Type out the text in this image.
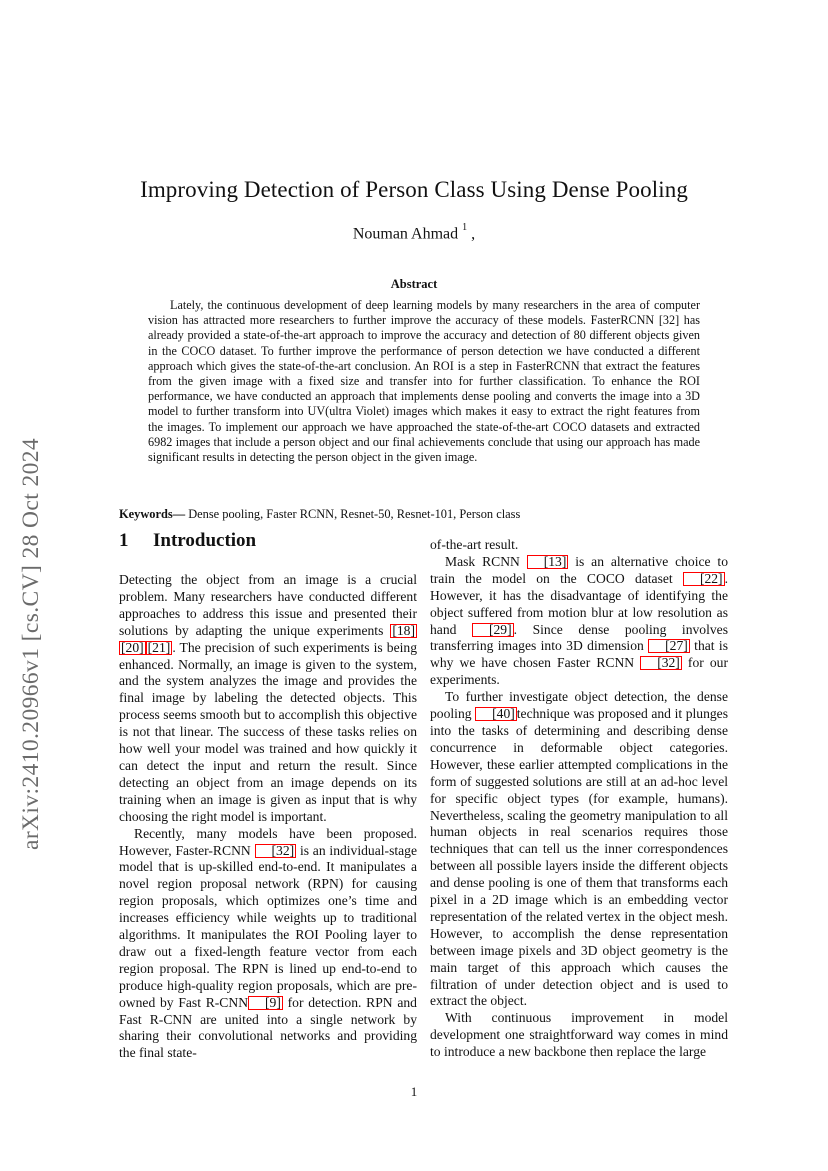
arXiv:2410.20966v1 [cs.CV] 28 Oct 2024
Improving Detection of Person Class Using Dense Pooling
Nouman Ahmad $^1$ ,
Abstract
Lately, the continuous development of deep learning models by many researchers in the area of computer vision has attracted more researchers to further improve the accuracy of these models. FasterRCNN [32] has already provided a state-of-the-art approach to improve the accuracy and detection of 80 different objects given in the COCO dataset. To further improve the performance of person detection we have conducted a different approach which gives the state-of-the-art conclusion. An ROI is a step in FasterRCNN that extract the features from the given image with a fixed size and transfer into for further classification. To enhance the ROI performance, we have conducted an approach that implements dense pooling and converts the image into a 3D model to further transform into UV(ultra Violet) images which makes it easy to extract the right features from the images. To implement our approach we have approached the state-of-the-art COCO datasets and extracted 6982 images that include a person object and our final achievements conclude that using our approach has made significant results in detecting the person object in the given image.
Keywords— Dense pooling, Faster RCNN, Resnet-50, Resnet-101, Person class
1 Introduction

Detecting the object from an image is a crucial problem. Many researchers have conducted different approaches to address this issue and presented their solutions by adapting the unique experiments [18][20] [21] . The precision of such experiments is being enhanced. Normally, an image is given to the system, and the system analyzes the image and provides the final image by labeling the detected objects. This process seems smooth but to accomplish this objective is not that linear. The success of these tasks relies on how well your model was trained and how quickly it can detect the input and return the result. Since detecting an object from an image depends on its training when an image is given as input that is why choosing the right model is important.

Recently, many models have been proposed. However, Faster-RCNN [32] is an individual-stage model that is up-skilled end-to-end. It manipulates a novel region proposal network (RPN) for causing region proposals, which optimizes one’s time and increases efficiency while weights up to traditional algorithms. It manipulates the ROI Pooling layer to draw out a fixed-length feature vector from each region proposal. The RPN is lined up end-to-end to produce high-quality region proposals, which are pre-owned by Fast R-CNN [9] for detection. RPN and Fast R-CNN are united into a single network by sharing their convolutional networks and providing the final state-

of-the-art result.

Mask RCNN [13] is an alternative choice to train the model on the COCO dataset [22] . However, it has the disadvantage of identifying the object suffered from motion blur at low resolution as hand [29] . Since dense pooling involves transferring images into 3D dimension [27] that is why we have chosen Faster RCNN [32] for our experiments.

To further investigate object detection, the dense pooling [40] technique was proposed and it plunges into the tasks of determining and describing dense concurrence in deformable object categories. However, these earlier attempted complications in the form of suggested solutions are still at an ad-hoc level for specific object types (for example, humans). Nevertheless, scaling the geometry manipulation to all human objects in real scenarios requires those techniques that can tell us the inner correspondences between all possible layers inside the different objects and dense pooling is one of them that transforms each pixel in a 2D image which is an embedding vector representation of the related vertex in the object mesh. However, to accomplish the dense representation between image pixels and 3D object geometry is the main target of this approach which causes the filtration of under detection object and is used to extract the object.

With continuous improvement in model development one straightforward way comes in mind to introduce a new backbone then replace the large

1
